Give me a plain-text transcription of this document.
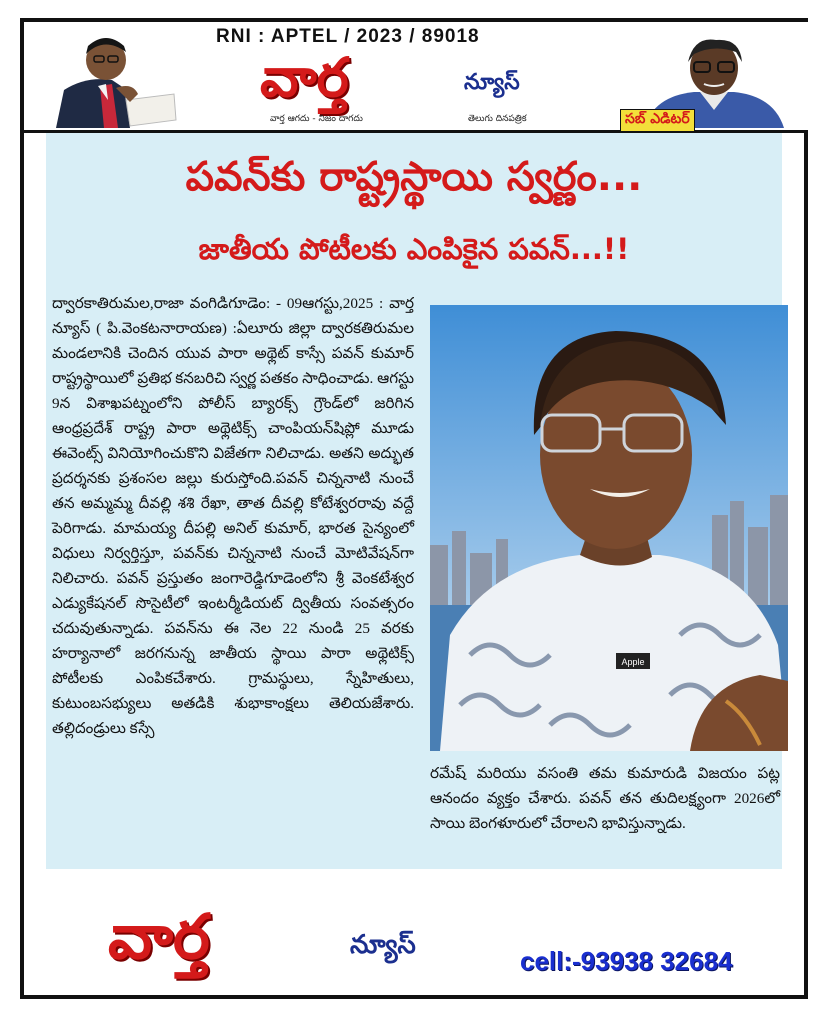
RNI : APTEL / 2023 / 89018
వార్త	న్యూస్
వార్త ఆగదు - నిజం దాగదు	తెలుగు దినపత్రిక	సబ్ ఎడిటర్
పవన్‌కు రాష్ట్రస్థాయి స్వర్ణం...
జాతీయ పోటీలకు ఎంపికైన పవన్...!!
ద్వారకాతిరుమల,రాజా వంగిడిగూడెం: - 09ఆగస్టు,2025 : వార్త న్యూస్ ( పి.వెంకటనారాయణ) :ఏలూరు జిల్లా ద్వారకతిరుమల మండలానికి చెందిన యువ పారా అథ్లెట్ కాస్సే పవన్ కుమార్ రాష్ట్రస్థాయిలో ప్రతిభ కనబరిచి స్వర్ణ పతకం సాధించాడు. ఆగస్టు 9న విశాఖపట్నంలోని పోలీస్ బ్యారక్స్ గ్రౌండ్‌లో జరిగిన ఆంధ్రప్రదేశ్ రాష్ట్ర పారా అథ్లెటిక్స్ చాంపియన్‌షిప్లో మూడు ఈవెంట్స్ వినియోగించుకొని విజేతగా నిలిచాడు. అతని అద్భుత ప్రదర్శనకు ప్రశంసల జల్లు కురుస్తోంది.పవన్ చిన్ననాటి నుంచే తన అమ్మమ్మ దీవల్లి శశి రేఖా, తాత దీవల్లి కోటేశ్వరరావు వద్దే పెరిగాడు. మామయ్య దీపల్లి అనిల్ కుమార్, భారత సైన్యంలో విధులు నిర్వర్తిస్తూ, పవన్‌కు చిన్ననాటి నుంచే మోటివేషన్‌గా నిలిచారు. పవన్ ప్రస్తుతం జంగారెడ్డిగూడెంలోని శ్రీ వెంకటేశ్వర ఎడ్యుకేషనల్ సొసైటీలో ఇంటర్మీడియట్ ద్వితీయ సంవత్సరం చదువుతున్నాడు. పవన్‌ను ఈ నెల 22 నుండి 25 వరకు హర్యానాలో జరగనున్న జాతీయ స్థాయి పారా అథ్లెటిక్స్ పోటీలకు ఎంపికచేశారు. గ్రామస్థులు, స్నేహితులు, కుటుంబసభ్యులు అతడికి శుభాకాంక్షలు తెలియజేశారు. తల్లిదండ్రులు కస్సే
Apple
రమేష్ మరియు వసంతి తమ కుమారుడి విజయం పట్ల ఆనందం వ్యక్తం చేశారు. పవన్ తన తుదిలక్ష్యంగా 2026లో సాయి బెంగళూరులో చేరాలని భావిస్తున్నాడు.
వార్త	న్యూస్
cell:-93938 32684
